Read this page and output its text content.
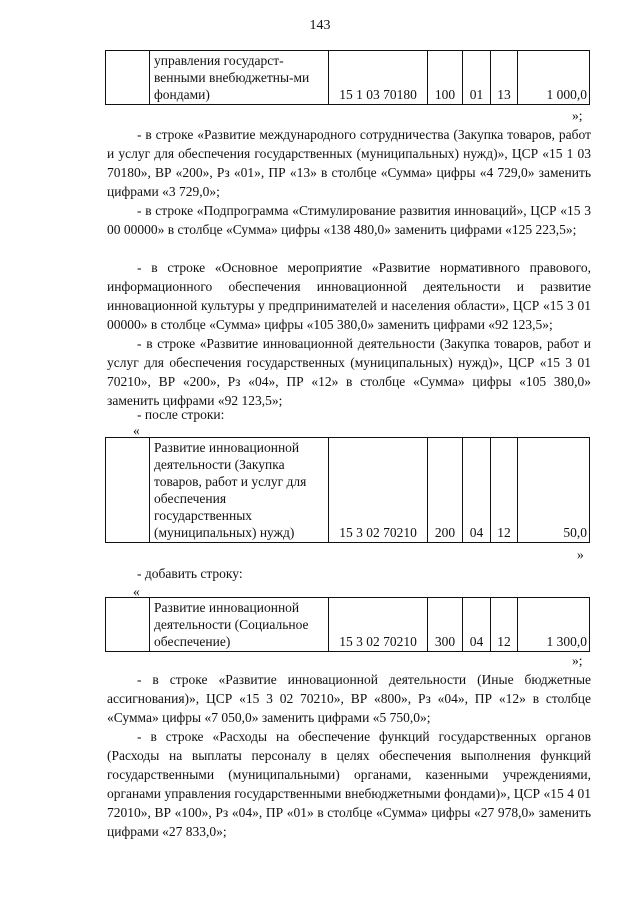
143
	управления государст-венными внебюджетны-ми фондами)	15 1 03 70180	100	01	13	1 000,0
»;
- в строке «Развитие международного сотрудничества (Закупка товаров, работ и услуг для обеспечения государственных (муниципальных) нужд)», ЦСР «15 1 03 70180», ВР «200», Рз «01», ПР «13» в столбце «Сумма» цифры «4 729,0» заменить цифрами «3 729,0»;
- в строке «Подпрограмма «Стимулирование развития инноваций», ЦСР «15 3 00 00000» в столбце «Сумма» цифры «138 480,0» заменить цифрами «125 223,5»;
- в строке «Основное мероприятие «Развитие нормативного правового, информационного обеспечения инновационной деятельности и развитие инновационной культуры у предпринимателей и населения области», ЦСР «15 3 01 00000» в столбце «Сумма» цифры «105 380,0» заменить цифрами «92 123,5»;
- в строке «Развитие инновационной деятельности (Закупка товаров, работ и услуг для обеспечения государственных (муниципальных) нужд)», ЦСР «15 3 01 70210», ВР «200», Рз «04», ПР «12» в столбце «Сумма» цифры «105 380,0» заменить цифрами «92 123,5»;
- после строки:
«
	Развитие инновационной деятельности (Закупка товаров, работ и услуг для обеспечения государственных (муниципальных) нужд)	15 3 02 70210	200	04	12	50,0
»
- добавить строку:
«
	Развитие инновационной деятельности (Социальное обеспечение)	15 3 02 70210	300	04	12	1 300,0
»;
- в строке «Развитие инновационной деятельности (Иные бюджетные ассигнования)», ЦСР «15 3 02 70210», ВР «800», Рз «04», ПР «12» в столбце «Сумма» цифры «7 050,0» заменить цифрами «5 750,0»;
- в строке «Расходы на обеспечение функций государственных органов (Расходы на выплаты персоналу в целях обеспечения выполнения функций государственными (муниципальными) органами, казенными учреждениями, органами управления государственными внебюджетными фондами)», ЦСР «15 4 01 72010», ВР «100», Рз «04», ПР «01» в столбце «Сумма» цифры «27 978,0» заменить цифрами «27 833,0»;
